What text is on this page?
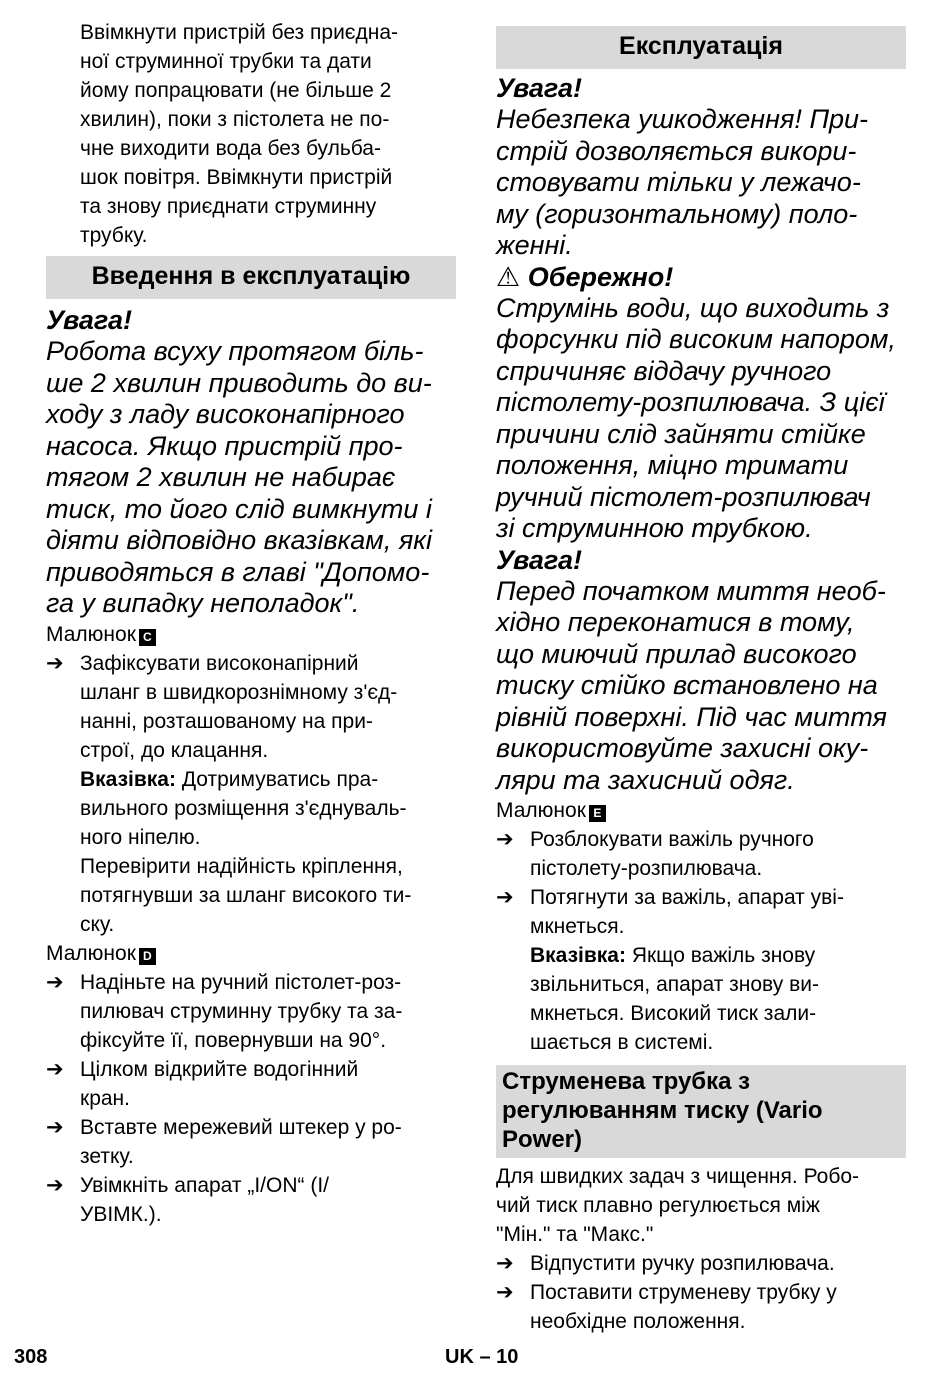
Ввімкнути пристрій без приєдна-
ної струминної трубки та дати
йому попрацювати (не більше 2
хвилин), поки з пістолета не по-
чне виходити вода без бульба-
шок повітря. Ввімкнути пристрій
та знову приєднати струминну
трубку.

Введення в експлуатацію

Увага!

Робота всуху протягом біль-
ше 2 хвилин приводить до ви-
ходу з ладу високонапірного
насоса. Якщо пристрій про-
тягом 2 хвилин не набирає
тиск, то його слід вимкнути і
діяти відповідно вказівкам, які
приводяться в главі "Допомо-
га у випадку неполадок".

Малюнок C

➔ Зафіксувати високонапірний
шланг в швидкорознімному з'єд-
нанні, розташованому на при-
строї, до клацання.

Вказівка: Дотримуватись пра-
вильного розміщення з'єднуваль-
ного ніпелю.

Перевірити надійність кріплення,
потягнувши за шланг високого ти-
ску.

Малюнок D

➔ Надіньте на ручний пістолет-роз-
пилювач струминну трубку та за-
фіксуйте її, повернувши на 90°.
➔ Цілком відкрийте водогінний
кран.
➔ Вставте мережевий штекер у ро-
зетку.
➔ Увімкніть апарат „I/ON“ (I/
УВІМК.).
Експлуатація

Увага!

Небезпека ушкодження! При-
стрій дозволяється викори-
стовувати тільки у лежачо-
му (горизонтальному) поло-
женні.

⚠ Обережно!

Струмінь води, що виходить з
форсунки під високим напором,
спричиняє віддачу ручного
пістолету-розпилювача. З цієї
причини слід зайняти стійке
положення, міцно тримати
ручний пістолет-розпилювач
зі струминною трубкою.

Увага!

Перед початком миття необ-
хідно переконатися в тому,
що миючий прилад високого
тиску стійко встановлено на
рівній поверхні. Під час миття
використовуйте захисні оку-
ляри та захисний одяг.

Малюнок E

➔ Розблокувати важіль ручного
пістолету-розпилювача.
➔ Потягнути за важіль, апарат уві-
мкнеться.

Вказівка: Якщо важіль знову
звільниться, апарат знову ви-
мкнеться. Високий тиск зали-
шається в системі.

Струменева трубка з
регулюванням тиску (Vario
Power)

Для швидких задач з чищення. Робо-
чий тиск плавно регулюється між
"Мін." та "Макс."

➔ Відпустити ручку розпилювача.
➔ Поставити струменеву трубку у
необхідне положення.
308	UK – 10
